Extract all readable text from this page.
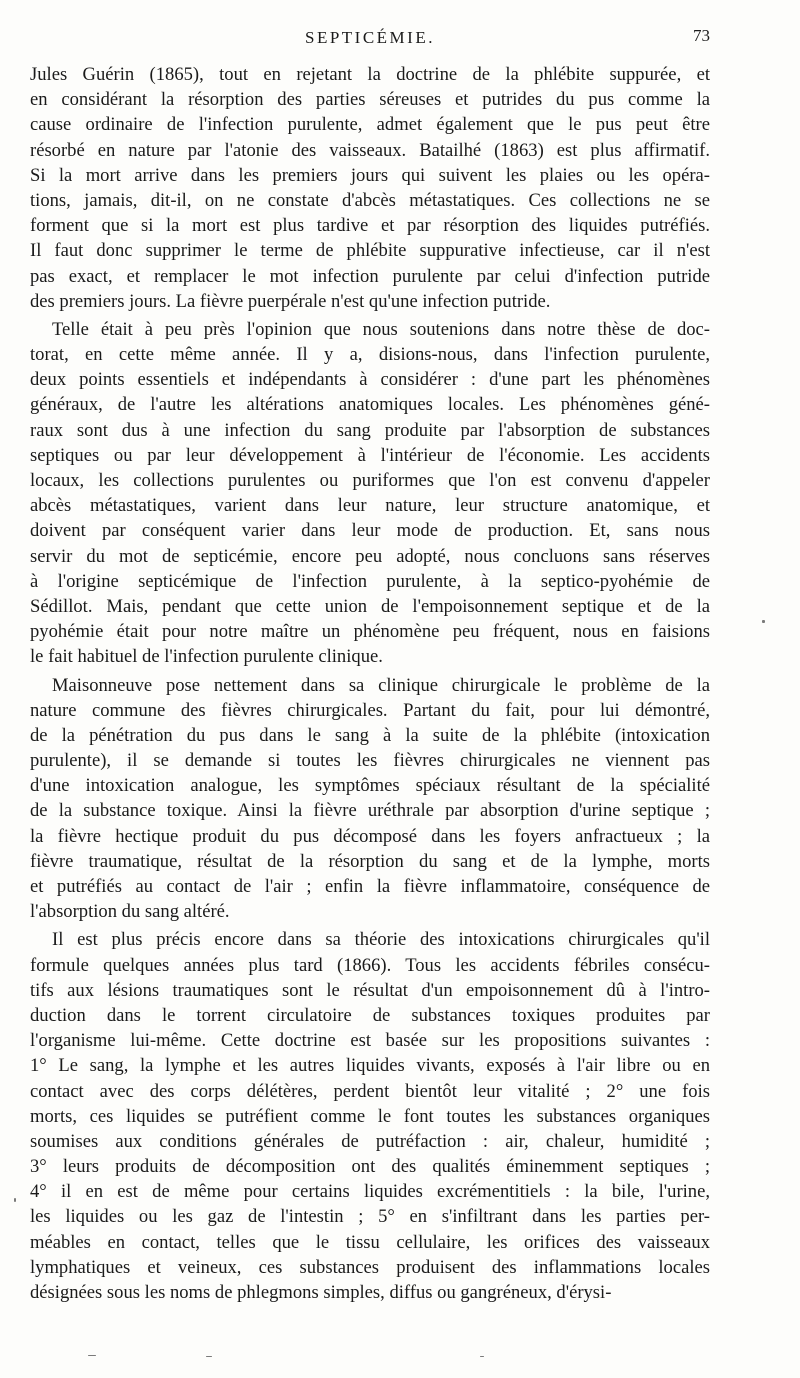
SEPTICÉMIE.	73
Jules Guérin (1865), tout en rejetant la doctrine de la phlébite suppurée, et
en considérant la résorption des parties séreuses et putrides du pus comme la
cause ordinaire de l'infection purulente, admet également que le pus peut être
résorbé en nature par l'atonie des vaisseaux. Batailhé (1863) est plus affirmatif.
Si la mort arrive dans les premiers jours qui suivent les plaies ou les opéra-
tions, jamais, dit-il, on ne constate d'abcès métastatiques. Ces collections ne se
forment que si la mort est plus tardive et par résorption des liquides putréfiés.
Il faut donc supprimer le terme de phlébite suppurative infectieuse, car il n'est
pas exact, et remplacer le mot infection purulente par celui d'infection putride
des premiers jours. La fièvre puerpérale n'est qu'une infection putride.
Telle était à peu près l'opinion que nous soutenions dans notre thèse de doc-
torat, en cette même année. Il y a, disions-nous, dans l'infection purulente,
deux points essentiels et indépendants à considérer : d'une part les phénomènes
généraux, de l'autre les altérations anatomiques locales. Les phénomènes géné-
raux sont dus à une infection du sang produite par l'absorption de substances
septiques ou par leur développement à l'intérieur de l'économie. Les accidents
locaux, les collections purulentes ou puriformes que l'on est convenu d'appeler
abcès métastatiques, varient dans leur nature, leur structure anatomique, et
doivent par conséquent varier dans leur mode de production. Et, sans nous
servir du mot de septicémie, encore peu adopté, nous concluons sans réserves
à l'origine septicémique de l'infection purulente, à la septico-pyohémie de
Sédillot. Mais, pendant que cette union de l'empoisonnement septique et de la
pyohémie était pour notre maître un phénomène peu fréquent, nous en faisions
le fait habituel de l'infection purulente clinique.
Maisonneuve pose nettement dans sa clinique chirurgicale le problème de la
nature commune des fièvres chirurgicales. Partant du fait, pour lui démontré,
de la pénétration du pus dans le sang à la suite de la phlébite (intoxication
purulente), il se demande si toutes les fièvres chirurgicales ne viennent pas
d'une intoxication analogue, les symptômes spéciaux résultant de la spécialité
de la substance toxique. Ainsi la fièvre uréthrale par absorption d'urine septique ;
la fièvre hectique produit du pus décomposé dans les foyers anfractueux ; la
fièvre traumatique, résultat de la résorption du sang et de la lymphe, morts
et putréfiés au contact de l'air ; enfin la fièvre inflammatoire, conséquence de
l'absorption du sang altéré.
Il est plus précis encore dans sa théorie des intoxications chirurgicales qu'il
formule quelques années plus tard (1866). Tous les accidents fébriles consécu-
tifs aux lésions traumatiques sont le résultat d'un empoisonnement dû à l'intro-
duction dans le torrent circulatoire de substances toxiques produites par
l'organisme lui-même. Cette doctrine est basée sur les propositions suivantes :
1° Le sang, la lymphe et les autres liquides vivants, exposés à l'air libre ou en
contact avec des corps délétères, perdent bientôt leur vitalité ; 2° une fois
morts, ces liquides se putréfient comme le font toutes les substances organiques
soumises aux conditions générales de putréfaction : air, chaleur, humidité ;
3° leurs produits de décomposition ont des qualités éminemment septiques ;
4° il en est de même pour certains liquides excrémentitiels : la bile, l'urine,
les liquides ou les gaz de l'intestin ; 5° en s'infiltrant dans les parties per-
méables en contact, telles que le tissu cellulaire, les orifices des vaisseaux
lymphatiques et veineux, ces substances produisent des inflammations locales
désignées sous les noms de phlegmons simples, diffus ou gangréneux, d'érysi-
